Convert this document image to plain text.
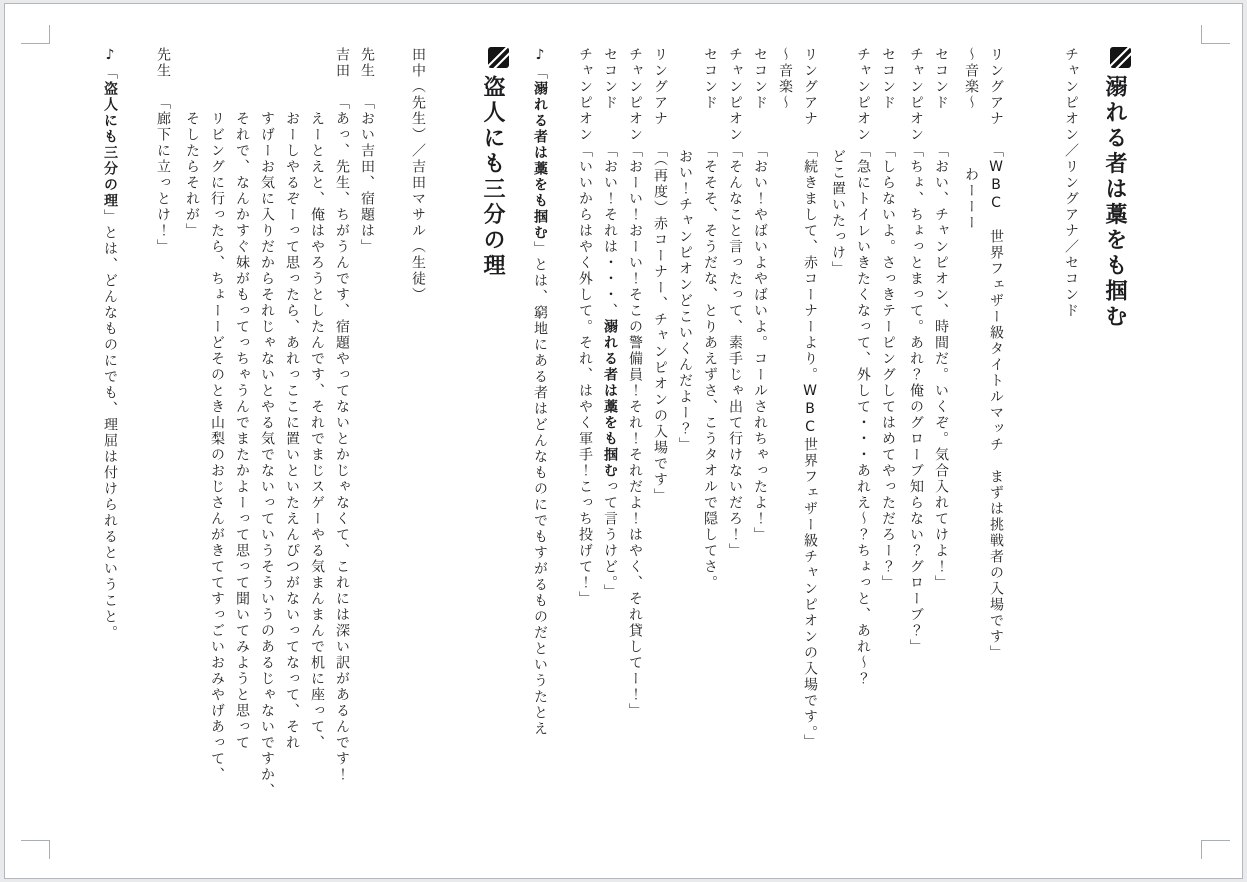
溺れる者は藁をも掴む
チャンピオン／リングアナ／セコンド
リングアナ「WBC　世界フェザー級タイトルマッチ　まずは挑戦者の入場です」
～音楽～わーーー
セコンド「おい、チャンピオン、時間だ。いくぞ。気合入れてけよ！」
チャンピオン「ちょ、ちょっとまって。あれ？俺のグローブ知らない？グローブ？」
セコンド「しらないよ。さっきテーピングしてはめてやっただろー？」
チャンピオン「急にトイレいきたくなって、外して・・・あれえ～？ちょっと、あれ～？
どこ置いたっけ」
リングアナ「続きまして、赤コーナーより。WBC世界フェザー級チャンピオンの入場です。」
～音楽～
セコンド「おい！やばいよやばいよ。コールされちゃったよ！」
チャンピオン「そんなこと言ったって、素手じゃ出て行けないだろ！」
セコンド「そそそ、そうだな、とりあえずさ、こうタオルで隠してさ。
おい！チャンピオンどこいくんだよー？」
リングアナ「（再度）赤コーナー、チャンピオンの入場です」
チャンピオン「おーい！おーい！そこの警備員！それ！それだよ！はやく、それ貸してー！」
セコンド「おい！それは・・・、溺れる者は藁をも掴むって言うけど。」
チャンピオン「いいからはやく外して。それ、はやく軍手！こっち投げて！」
♪「溺れる者は藁をも掴む」とは、窮地にある者はどんなものにでもすがるものだというたとえ
盗人にも三分の理
田中（先生）／吉田マサル（生徒）
先生「おい吉田、宿題は」
吉田「あっ、先生、ちがうんです、宿題やってないとかじゃなくて、これには深い訳があるんです！
えーとえと、俺はやろうとしたんです、それでまじスゲーやる気まんまんで机に座って、
おーしやるぞーって思ったら、あれっここに置いといたえんぴつがないってなって、それ
すげーお気に入りだからそれじゃないとやる気でないっていうそういうのあるじゃないですか、
それで、なんかすぐ妹がもってっちゃうんでまたかよーって思って聞いてみようと思って
リビングに行ったら、ちょーーどそのとき山梨のおじさんがきててすっごいおみやげあって、
そしたらそれが」
先生「廊下に立っとけ！」
♪「盗人にも三分の理」とは、どんなものにでも、理屈は付けられるということ。
